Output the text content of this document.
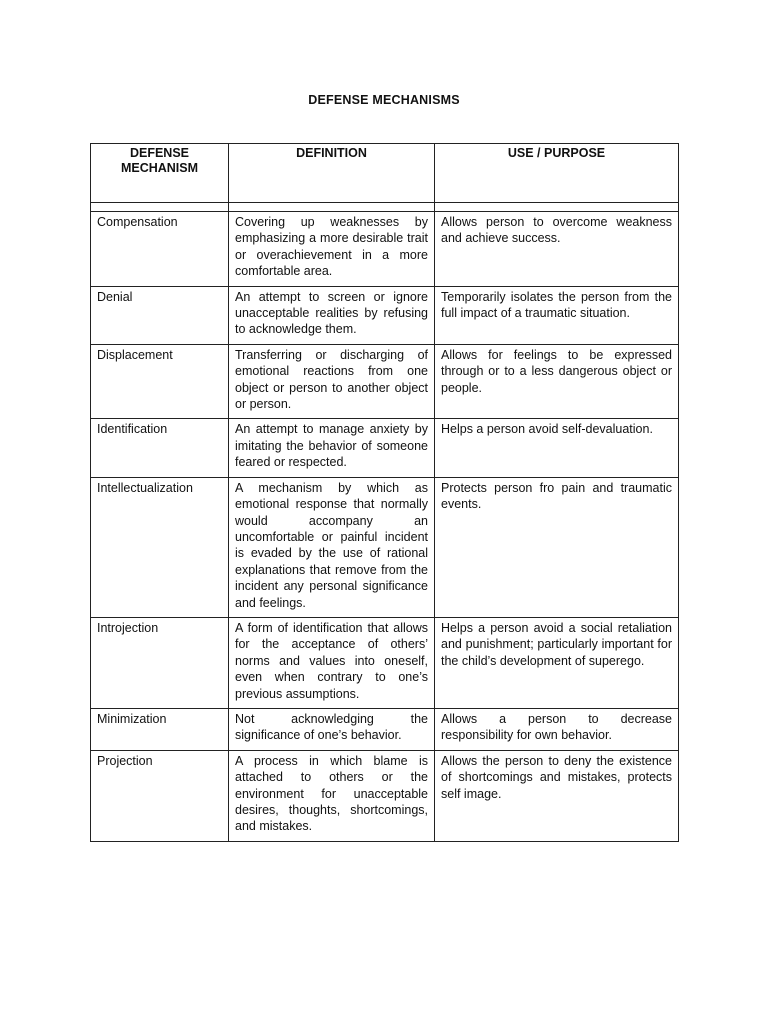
DEFENSE MECHANISMS
DEFENSE MECHANISM	DEFINITION	USE / PURPOSE

Compensation	Covering up weaknesses by emphasizing a more desirable trait or overachievement in a more comfortable area.	Allows person to overcome weakness and achieve success.
Denial	An attempt to screen or ignore unacceptable realities by refusing to acknowledge them.	Temporarily isolates the person from the full impact of a traumatic situation.
Displacement	Transferring or discharging of emotional reactions from one object or person to another object or person.	Allows for feelings to be expressed through or to a less dangerous object or people.
Identification	An attempt to manage anxiety by imitating the behavior of someone feared or respected.	Helps a person avoid self-devaluation.
Intellectualization	A mechanism by which as emotional response that normally would accompany an uncomfortable or painful incident is evaded by the use of rational explanations that remove from the incident any personal significance and feelings.	Protects person fro pain and traumatic events.
Introjection	A form of identification that allows for the acceptance of others’ norms and values into oneself, even when contrary to one’s previous assumptions.	Helps a person avoid a social retaliation and punishment; particularly important for the child’s development of superego.
Minimization	Not acknowledging the significance of one’s behavior.	Allows a person to decrease responsibility for own behavior.
Projection	A process in which blame is attached to others or the environment for unacceptable desires, thoughts, shortcomings, and mistakes.	Allows the person to deny the existence of shortcomings and mistakes, protects self image.
